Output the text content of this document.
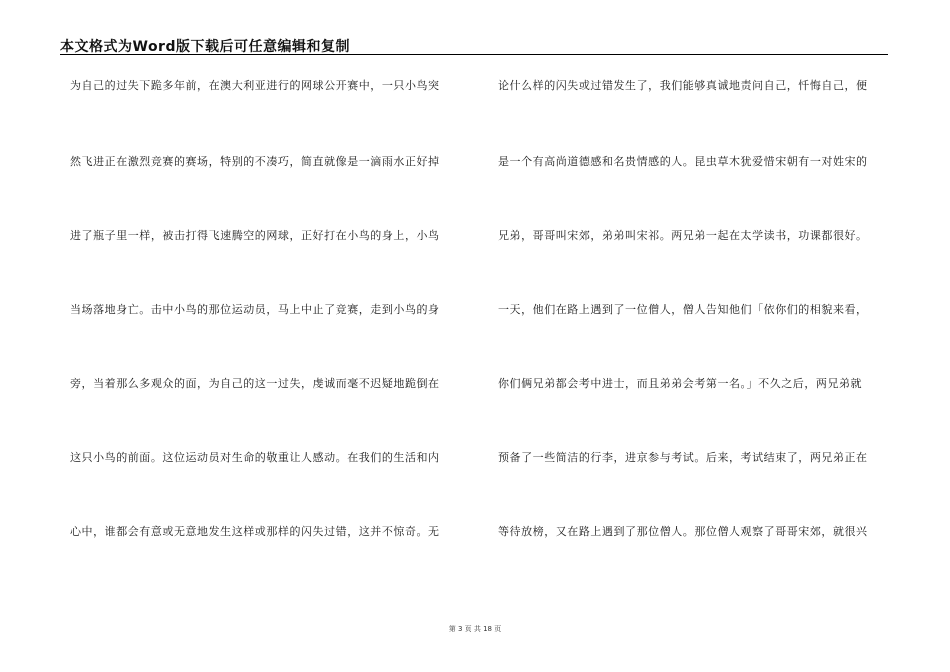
本文格式为Word版下载后可任意编辑和复制
为自己的过失下跪多年前，在澳大利亚进行的网球公开赛中，一只小鸟突
然飞进正在激烈竞赛的赛场，特别的不凑巧，简直就像是一滴雨水正好掉
进了瓶子里一样，被击打得飞速腾空的网球，正好打在小鸟的身上，小鸟
当场落地身亡。击中小鸟的那位运动员，马上中止了竞赛，走到小鸟的身
旁，当着那么多观众的面，为自己的这一过失，虔诚而毫不迟疑地跪倒在
这只小鸟的前面。这位运动员对生命的敬重让人感动。在我们的生活和内
心中，谁都会有意或无意地发生这样或那样的闪失过错，这并不惊奇。无
论什么样的闪失或过错发生了，我们能够真诚地责问自己，忏悔自己，便
是一个有高尚道德感和名贵情感的人。昆虫草木犹爱惜宋朝有一对姓宋的
兄弟，哥哥叫宋郊，弟弟叫宋祁。两兄弟一起在太学读书，功课都很好。
一天，他们在路上遇到了一位僧人，僧人告知他们「依你们的相貌来看，
你们俩兄弟都会考中进士，而且弟弟会考第一名。」不久之后，两兄弟就
预备了一些简洁的行李，进京参与考试。后来，考试结束了，两兄弟正在
等待放榜，又在路上遇到了那位僧人。那位僧人观察了哥哥宋郊，就很兴
第 3 页 共 18 页
